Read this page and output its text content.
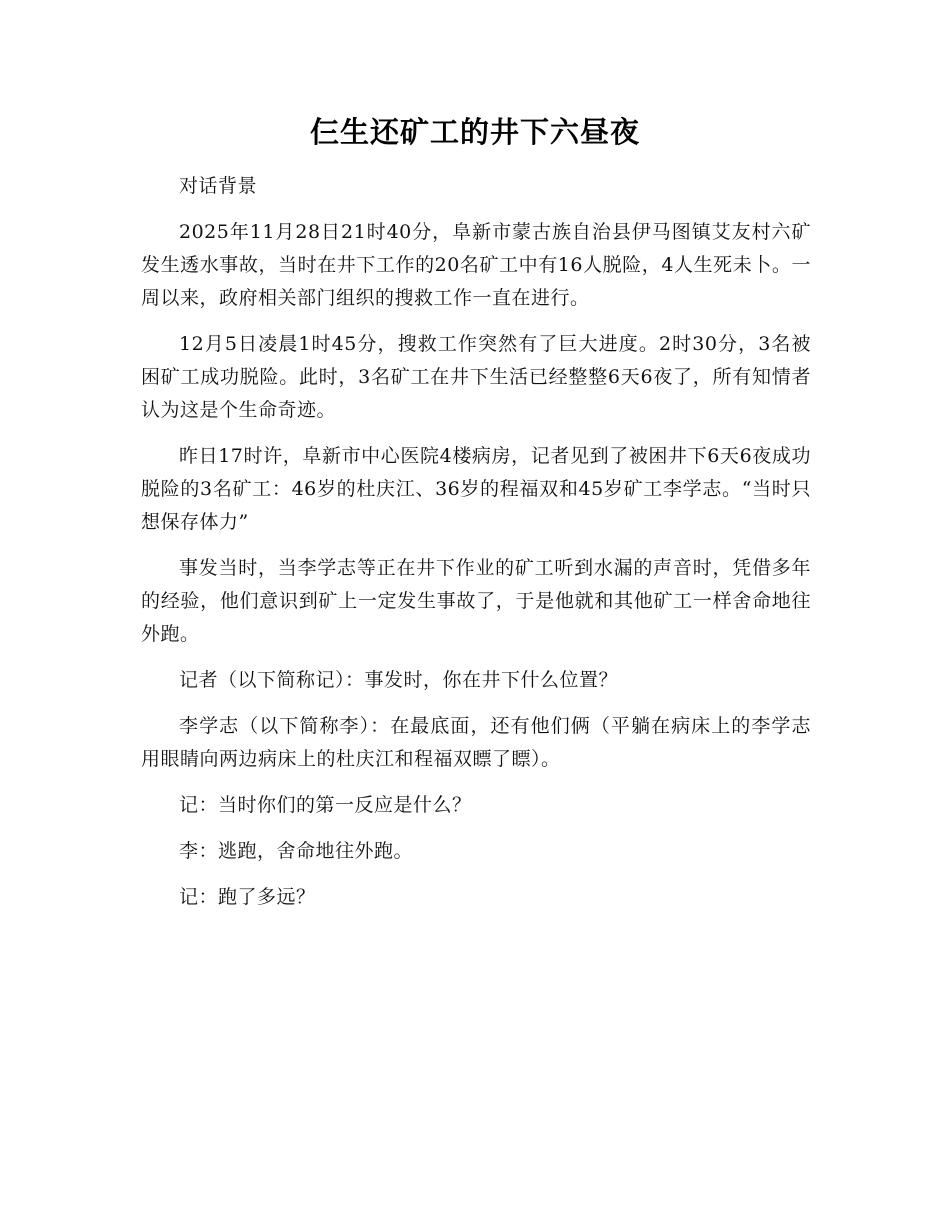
仨生还矿工的井下六昼夜

对话背景

2025年11月28日21时40分，阜新市蒙古族自治县伊马图镇艾友村六矿发生透水事故，当时在井下工作的20名矿工中有16人脱险，4人生死未卜。一周以来，政府相关部门组织的搜救工作一直在进行。

12月5日凌晨1时45分，搜救工作突然有了巨大进度。2时30分，3名被困矿工成功脱险。此时，3名矿工在井下生活已经整整6天6夜了，所有知情者认为这是个生命奇迹。

昨日17时许，阜新市中心医院4楼病房，记者见到了被困井下6天6夜成功脱险的3名矿工：46岁的杜庆江、36岁的程福双和45岁矿工李学志。“当时只想保存体力”

事发当时，当李学志等正在井下作业的矿工听到水漏的声音时，凭借多年的经验，他们意识到矿上一定发生事故了，于是他就和其他矿工一样舍命地往外跑。

记者（以下简称记）：事发时，你在井下什么位置？

李学志（以下简称李）：在最底面，还有他们俩（平躺在病床上的李学志用眼睛向两边病床上的杜庆江和程福双瞟了瞟）。

记：当时你们的第一反应是什么？

李：逃跑，舍命地往外跑。

记：跑了多远？
